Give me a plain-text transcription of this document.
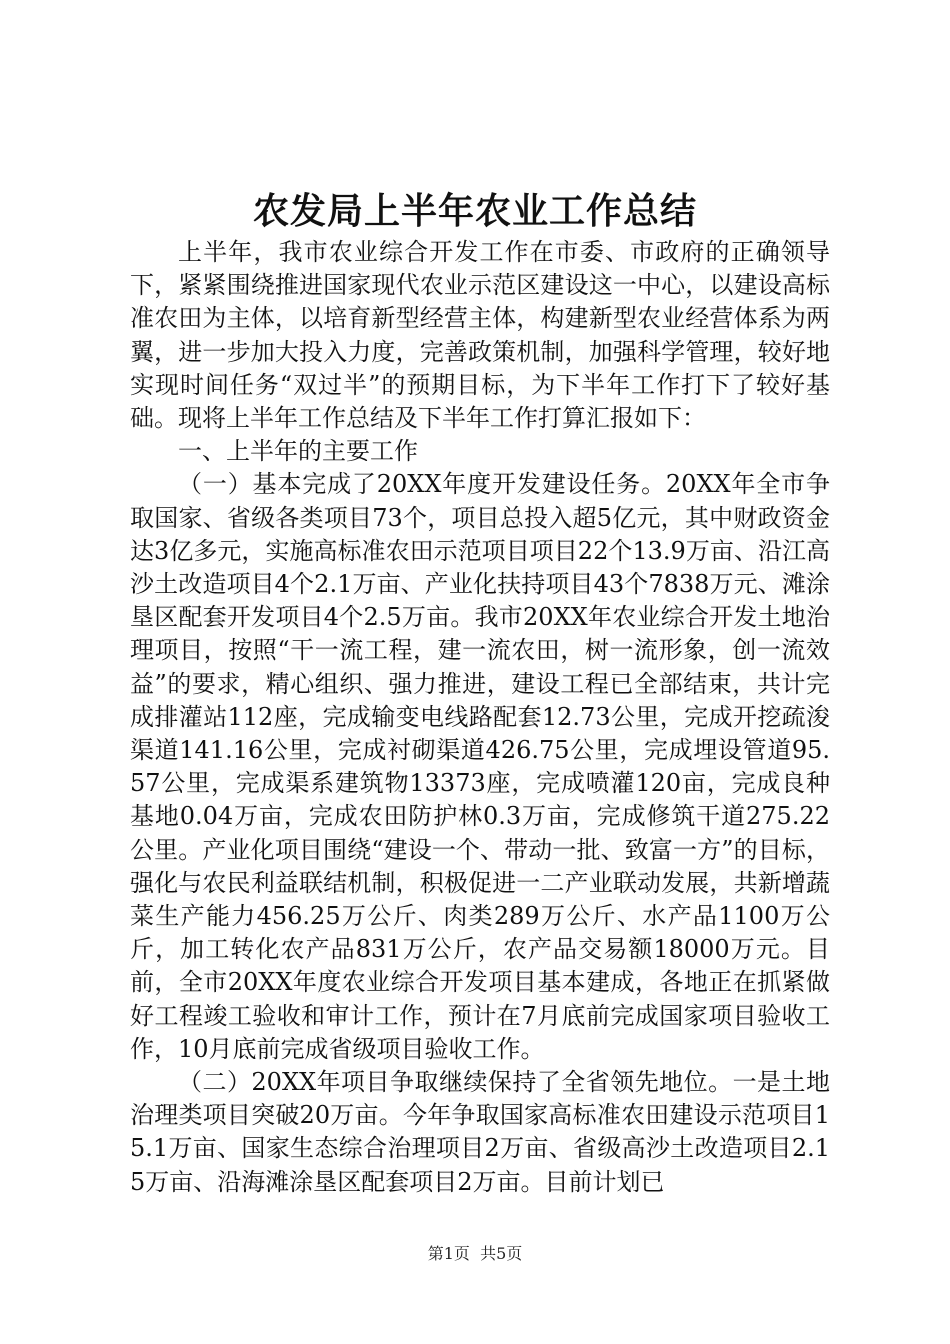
农发局上半年农业工作总结

上半年，我市农业综合开发工作在市委、市政府的正确领导下，紧紧围绕推进国家现代农业示范区建设这一中心，以建设高标准农田为主体，以培育新型经营主体，构建新型农业经营体系为两翼，进一步加大投入力度，完善政策机制，加强科学管理，较好地实现时间任务“双过半”的预期目标，为下半年工作打下了较好基础。现将上半年工作总结及下半年工作打算汇报如下：

一、上半年的主要工作

（一）基本完成了20XX年度开发建设任务。20XX年全市争取国家、省级各类项目73个，项目总投入超5亿元，其中财政资金达3亿多元，实施高标准农田示范项目项目22个13.9万亩、沿江高沙土改造项目4个2.1万亩、产业化扶持项目43个7838万元、滩涂垦区配套开发项目4个2.5万亩。我市20XX年农业综合开发土地治理项目，按照“干一流工程，建一流农田，树一流形象，创一流效益”的要求，精心组织、强力推进，建设工程已全部结束，共计完成排灌站112座，完成输变电线路配套12.73公里，完成开挖疏浚渠道141.16公里，完成衬砌渠道426.75公里，完成埋设管道95.57公里，完成渠系建筑物13373座，完成喷灌120亩，完成良种基地0.04万亩，完成农田防护林0.3万亩，完成修筑干道275.22公里。产业化项目围绕“建设一个、带动一批、致富一方”的目标，强化与农民利益联结机制，积极促进一二产业联动发展，共新增蔬菜生产能力456.25万公斤、肉类289万公斤、水产品1100万公斤，加工转化农产品831万公斤，农产品交易额18000万元。目前，全市20XX年度农业综合开发项目基本建成，各地正在抓紧做好工程竣工验收和审计工作，预计在7月底前完成国家项目验收工作，10月底前完成省级项目验收工作。

（二）20XX年项目争取继续保持了全省领先地位。一是土地治理类项目突破20万亩。今年争取国家高标准农田建设示范项目15.1万亩、国家生态综合治理项目2万亩、省级高沙土改造项目2.15万亩、沿海滩涂垦区配套项目2万亩。目前计划已

第1页  共5页
